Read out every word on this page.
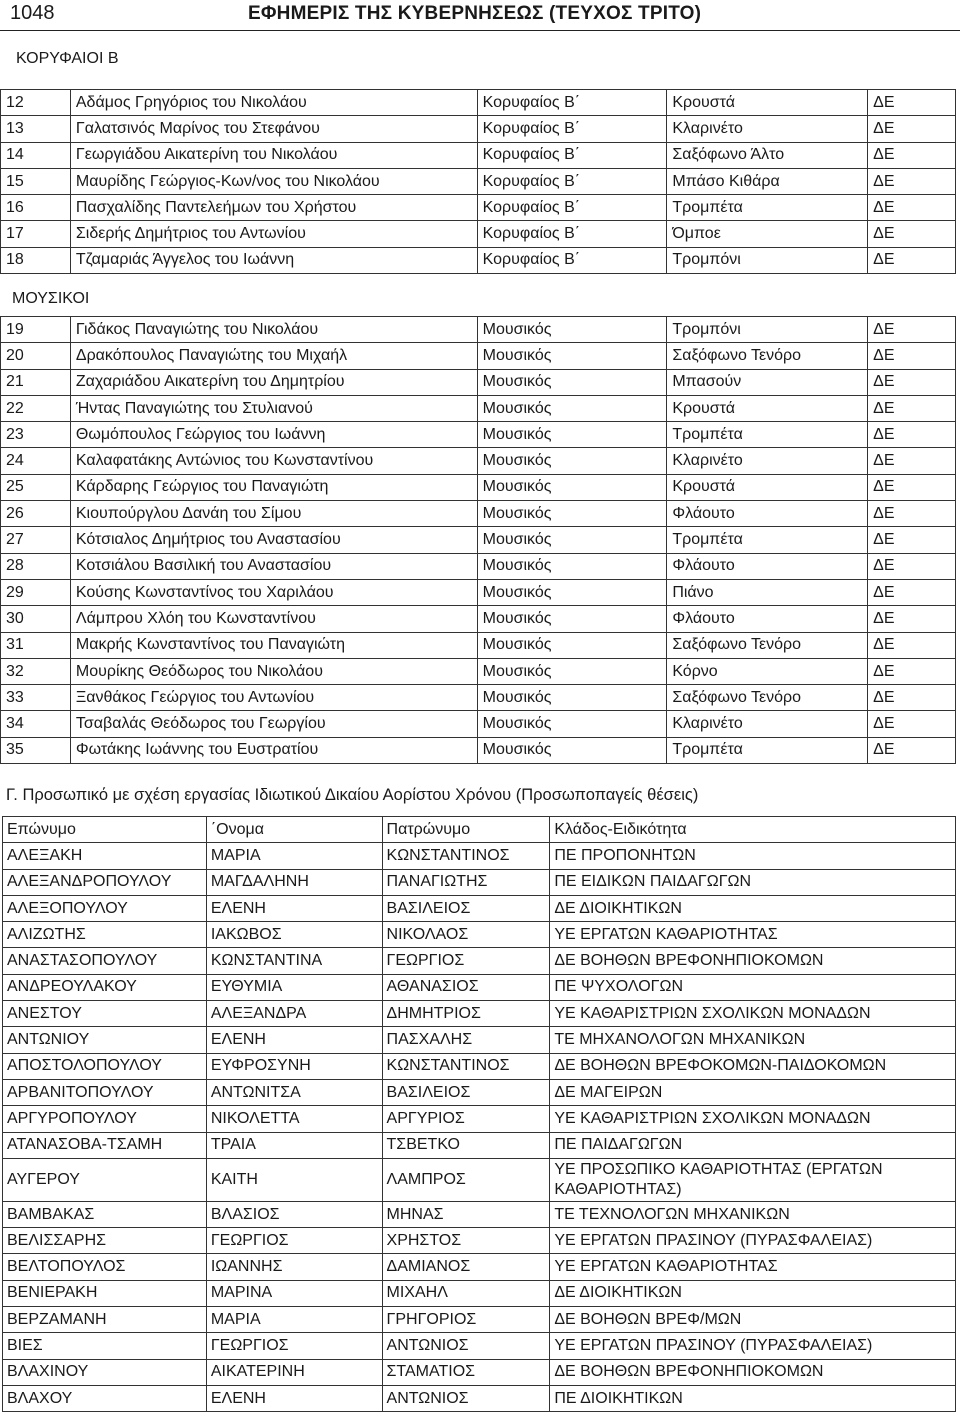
1048	ΕΦΗΜΕΡΙΣ ΤΗΣ ΚΥΒΕΡΝΗΣΕΩΣ (ΤΕΥΧΟΣ ΤΡΙΤΟ)
ΚΟΡΥΦΑΙΟΙ Β
12	Αδάμος Γρηγόριος του Νικολάου	Κορυφαίος Β΄	Κρουστά	ΔΕ
13	Γαλατσινός Μαρίνος του Στεφάνου	Κορυφαίος Β΄	Κλαρινέτο	ΔΕ
14	Γεωργιάδου Αικατερίνη του Νικολάου	Κορυφαίος Β΄	Σαξόφωνο Άλτο	ΔΕ
15	Μαυρίδης Γεώργιος-Κων/νος του Νικολάου	Κορυφαίος Β΄	Μπάσο Κιθάρα	ΔΕ
16	Πασχαλίδης Παντελεήμων του Χρήστου	Κορυφαίος Β΄	Τρομπέτα	ΔΕ
17	Σιδερής Δημήτριος του Αντωνίου	Κορυφαίος Β΄	Όμποε	ΔΕ
18	Τζαμαριάς Άγγελος του Ιωάννη	Κορυφαίος Β΄	Τρομπόνι	ΔΕ
ΜΟΥΣΙΚΟΙ
19	Γιδάκος Παναγιώτης του Νικολάου	Μουσικός	Τρομπόνι	ΔΕ
20	Δρακόπουλος Παναγιώτης του Μιχαήλ	Μουσικός	Σαξόφωνο Τενόρο	ΔΕ
21	Ζαχαριάδου Αικατερίνη του Δημητρίου	Μουσικός	Μπασούν	ΔΕ
22	Ήντας Παναγιώτης του Στυλιανού	Μουσικός	Κρουστά	ΔΕ
23	Θωμόπουλος Γεώργιος του Ιωάννη	Μουσικός	Τρομπέτα	ΔΕ
24	Καλαφατάκης Αντώνιος του Κωνσταντίνου	Μουσικός	Κλαρινέτο	ΔΕ
25	Κάρδαρης Γεώργιος του Παναγιώτη	Μουσικός	Κρουστά	ΔΕ
26	Κιουπούργλου Δανάη του Σίμου	Μουσικός	Φλάουτο	ΔΕ
27	Κότσιαλος Δημήτριος του Αναστασίου	Μουσικός	Τρομπέτα	ΔΕ
28	Κοτσιάλου Βασιλική του Αναστασίου	Μουσικός	Φλάουτο	ΔΕ
29	Κούσης Κωνσταντίνος του Χαριλάου	Μουσικός	Πιάνο	ΔΕ
30	Λάμπρου Χλόη του Κωνσταντίνου	Μουσικός	Φλάουτο	ΔΕ
31	Μακρής Κωνσταντίνος του Παναγιώτη	Μουσικός	Σαξόφωνο Τενόρο	ΔΕ
32	Μουρίκης Θεόδωρος του Νικολάου	Μουσικός	Κόρνο	ΔΕ
33	Ξανθάκος Γεώργιος του Αντωνίου	Μουσικός	Σαξόφωνο Τενόρο	ΔΕ
34	Τσαβαλάς Θεόδωρος του Γεωργίου	Μουσικός	Κλαρινέτο	ΔΕ
35	Φωτάκης Ιωάννης του Ευστρατίου	Μουσικός	Τρομπέτα	ΔΕ
Γ. Προσωπικό με σχέση εργασίας Ιδιωτικού Δικαίου Αορίστου Χρόνου (Προσωποπαγείς θέσεις)
Επώνυμο	΄Ονομα	Πατρώνυμο	Κλάδος-Ειδικότητα
ΑΛΕΞΑΚΗ	ΜΑΡΙΑ	ΚΩΝΣΤΑΝΤΙΝΟΣ	ΠΕ ΠΡΟΠΟΝΗΤΩΝ
ΑΛΕΞΑΝΔΡΟΠΟΥΛΟΥ	ΜΑΓΔΑΛΗΝΗ	ΠΑΝΑΓΙΩΤΗΣ	ΠΕ ΕΙΔΙΚΩΝ ΠΑΙΔΑΓΩΓΩΝ
ΑΛΕΞΟΠΟΥΛΟΥ	ΕΛΕΝΗ	ΒΑΣΙΛΕΙΟΣ	ΔΕ ΔΙΟΙΚΗΤΙΚΩΝ
ΑΛΙΖΩΤΗΣ	ΙΑΚΩΒΟΣ	ΝΙΚΟΛΑΟΣ	ΥΕ ΕΡΓΑΤΩΝ ΚΑΘΑΡΙΟΤΗΤΑΣ
ΑΝΑΣΤΑΣΟΠΟΥΛΟΥ	ΚΩΝΣΤΑΝΤΙΝΑ	ΓΕΩΡΓΙΟΣ	ΔΕ ΒΟΗΘΩΝ ΒΡΕΦΟΝΗΠΙΟΚΟΜΩΝ
ΑΝΔΡΕΟΥΛΑΚΟΥ	ΕΥΘΥΜΙΑ	ΑΘΑΝΑΣΙΟΣ	ΠΕ ΨΥΧΟΛΟΓΩΝ
ΑΝΕΣΤΟΥ	ΑΛΕΞΑΝΔΡΑ	ΔΗΜΗΤΡΙΟΣ	ΥΕ ΚΑΘΑΡΙΣΤΡΙΩΝ ΣΧΟΛΙΚΩΝ ΜΟΝΑΔΩΝ
ΑΝΤΩΝΙΟΥ	ΕΛΕΝΗ	ΠΑΣΧΑΛΗΣ	ΤΕ ΜΗΧΑΝΟΛΟΓΩΝ ΜΗΧΑΝΙΚΩΝ
ΑΠΟΣΤΟΛΟΠΟΥΛΟΥ	ΕΥΦΡΟΣΥΝΗ	ΚΩΝΣΤΑΝΤΙΝΟΣ	ΔΕ ΒΟΗΘΩΝ ΒΡΕΦΟΚΟΜΩΝ-ΠΑΙΔΟΚΟΜΩΝ
ΑΡΒΑΝΙΤΟΠΟΥΛΟΥ	ΑΝΤΩΝΙΤΣΑ	ΒΑΣΙΛΕΙΟΣ	ΔΕ ΜΑΓΕΙΡΩΝ
ΑΡΓΥΡΟΠΟΥΛΟΥ	ΝΙΚΟΛΕΤΤΑ	ΑΡΓΥΡΙΟΣ	ΥΕ ΚΑΘΑΡΙΣΤΡΙΩΝ ΣΧΟΛΙΚΩΝ ΜΟΝΑΔΩΝ
ΑΤΑΝΑΣΟΒΑ-ΤΣΑΜΗ	ΤΡΑΙΑ	ΤΣΒΕΤΚΟ	ΠΕ ΠΑΙΔΑΓΩΓΩΝ
ΑΥΓΕΡΟΥ	ΚΑΙΤΗ	ΛΑΜΠΡΟΣ	ΥΕ ΠΡΟΣΩΠΙΚΟ ΚΑΘΑΡΙΟΤΗΤΑΣ (ΕΡΓΑΤΩΝ ΚΑΘΑΡΙΟΤΗΤΑΣ)
ΒΑΜΒΑΚΑΣ	ΒΛΑΣΙΟΣ	ΜΗΝΑΣ	ΤΕ ΤΕΧΝΟΛΟΓΩΝ ΜΗΧΑΝΙΚΩΝ
ΒΕΛΙΣΣΑΡΗΣ	ΓΕΩΡΓΙΟΣ	ΧΡΗΣΤΟΣ	ΥΕ ΕΡΓΑΤΩΝ ΠΡΑΣΙΝΟΥ (ΠΥΡΑΣΦΑΛΕΙΑΣ)
ΒΕΛΤΟΠΟΥΛΟΣ	ΙΩΑΝΝΗΣ	ΔΑΜΙΑΝΟΣ	ΥΕ ΕΡΓΑΤΩΝ ΚΑΘΑΡΙΟΤΗΤΑΣ
ΒΕΝΙΕΡΑΚΗ	ΜΑΡΙΝΑ	ΜΙΧΑΗΛ	ΔΕ ΔΙΟΙΚΗΤΙΚΩΝ
ΒΕΡΖΑΜΑΝΗ	ΜΑΡΙΑ	ΓΡΗΓΟΡΙΟΣ	ΔΕ ΒΟΗΘΩΝ ΒΡΕΦ/ΜΩΝ
ΒΙΕΣ	ΓΕΩΡΓΙΟΣ	ΑΝΤΩΝΙΟΣ	ΥΕ ΕΡΓΑΤΩΝ ΠΡΑΣΙΝΟΥ (ΠΥΡΑΣΦΑΛΕΙΑΣ)
ΒΛΑΧΙΝΟΥ	ΑΙΚΑΤΕΡΙΝΗ	ΣΤΑΜΑΤΙΟΣ	ΔΕ ΒΟΗΘΩΝ ΒΡΕΦΟΝΗΠΙΟΚΟΜΩΝ
ΒΛΑΧΟΥ	ΕΛΕΝΗ	ΑΝΤΩΝΙΟΣ	ΠΕ ΔΙΟΙΚΗΤΙΚΩΝ
